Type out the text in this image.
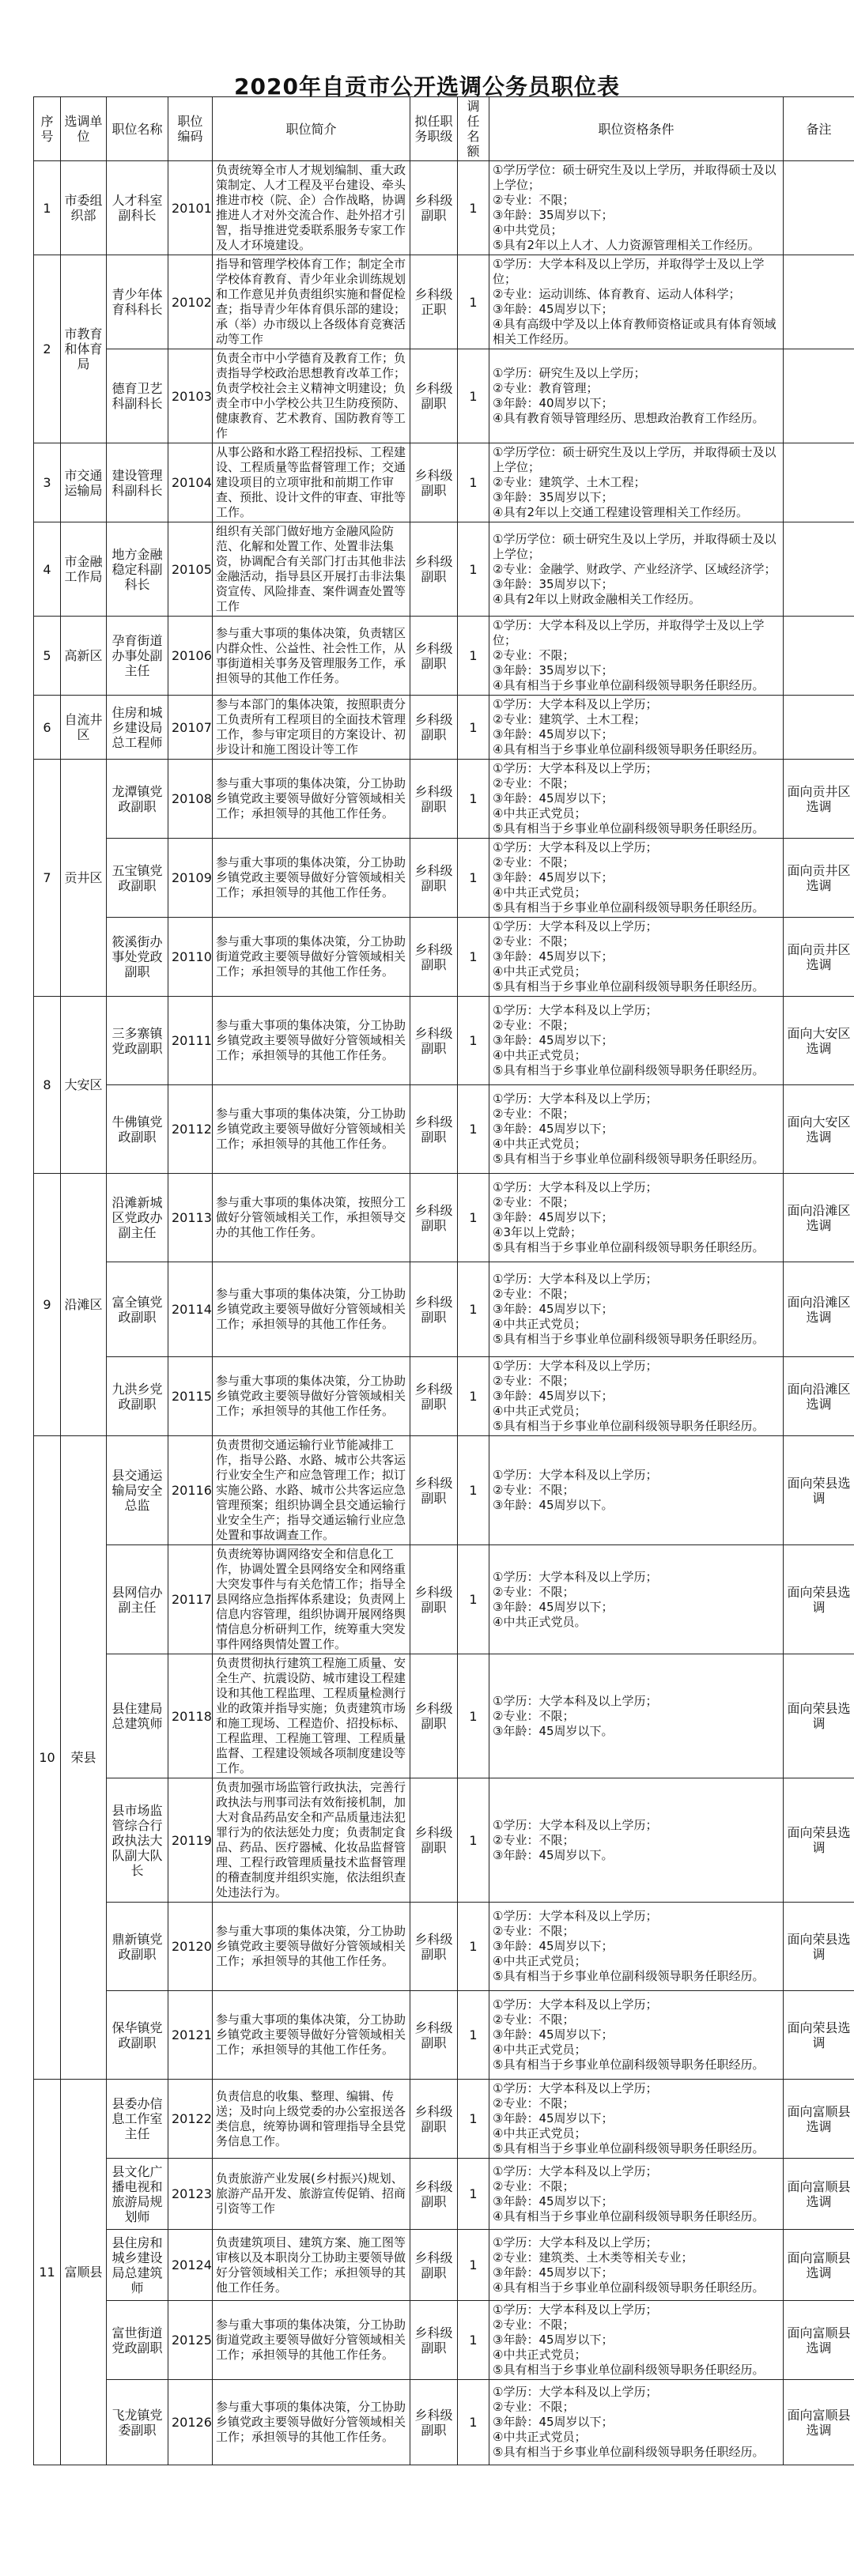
2020年自贡市公开选调公务员职位表
序号	选调单位	职位名称	职位编码	职位简介	拟任职务职级	调任名额	职位资格条件	备注
1	市委组织部	人才科室副科长	20101	负责统筹全市人才规划编制、重大政策制定、人才工程及平台建设、牵头推进市校（院、企）合作战略，协调推进人才对外交流合作、赴外招才引智，指导推进党委联系服务专家工作及人才环境建设。	乡科级副职	1	①学历学位：硕士研究生及以上学历，并取得硕士及以上学位；
②专业：不限；
③年龄：35周岁以下；
④中共党员；
⑤具有2年以上人才、人力资源管理相关工作经历。	

2	市教育和体育局	青少年体育科科长	20102	指导和管理学校体育工作；制定全市学校体育教育、青少年业余训练规划和工作意见并负责组织实施和督促检查；指导青少年体育俱乐部的建设；承（举）办市级以上各级体育竞赛活动等工作	乡科级正职	1	①学历：大学本科及以上学历，并取得学士及以上学位；
②专业：运动训练、体育教育、运动人体科学；
③年龄：45周岁以下；
④具有高级中学及以上体育教师资格证或具有体育领域相关工作经历。	

		德育卫艺科副科长	20103	负责全市中小学德育及教育工作；负责指导学校政治思想教育改革工作；负责学校社会主义精神文明建设；负责全市中小学校公共卫生防疫预防、健康教育、艺术教育、国防教育等工作	乡科级副职	1	①学历：研究生及以上学历；
②专业：教育管理；
③年龄：40周岁以下；
④具有教育领导管理经历、思想政治教育工作经历。	

3	市交通运输局	建设管理科副科长	20104	从事公路和水路工程招投标、工程建设、工程质量等监督管理工作；交通建设项目的立项审批和前期工作审查、预批、设计文件的审查、审批等工作。	乡科级副职	1	①学历学位：硕士研究生及以上学历，并取得硕士及以上学位；
②专业：建筑学、土木工程；
③年龄：35周岁以下；
④具有2年以上交通工程建设管理相关工作经历。	

4	市金融工作局	地方金融稳定科副科长	20105	组织有关部门做好地方金融风险防范、化解和处置工作、处置非法集资，协调配合有关部门打击其他非法金融活动，指导县区开展打击非法集资宣传、风险排查、案件调查处置等工作	乡科级副职	1	①学历学位：硕士研究生及以上学历，并取得硕士及以上学位；
②专业：金融学、财政学、产业经济学、区域经济学；
③年龄：35周岁以下；
④具有2年以上财政金融相关工作经历。	

5	高新区	孕育街道办事处副主任	20106	参与重大事项的集体决策，负责辖区内群众性、公益性、社会性工作，从事街道相关事务及管理服务工作，承担领导的其他工作任务。	乡科级副职	1	①学历：大学本科及以上学历，并取得学士及以上学位；
②专业：不限；
③年龄：35周岁以下；
④具有相当于乡事业单位副科级领导职务任职经历。	

6	自流井区	住房和城乡建设局总工程师	20107	参与本部门的集体决策，按照职责分工负责所有工程项目的全面技术管理工作，参与审定项目的方案设计、初步设计和施工图设计等工作	乡科级副职	1	①学历：大学本科及以上学历；
②专业：建筑学、土木工程；
③年龄：45周岁以下；
④具有相当于乡事业单位副科级领导职务任职经历。	

7	贡井区	龙潭镇党政副职	20108	参与重大事项的集体决策，分工协助乡镇党政主要领导做好分管领域相关工作；承担领导的其他工作任务。	乡科级副职	1	①学历：大学本科及以上学历；
②专业：不限；
③年龄：45周岁以下；
④中共正式党员；
⑤具有相当于乡事业单位副科级领导职务任职经历。	面向贡井区选调
		五宝镇党政副职	20109	参与重大事项的集体决策，分工协助乡镇党政主要领导做好分管领域相关工作；承担领导的其他工作任务。	乡科级副职	1	①学历：大学本科及以上学历；
②专业：不限；
③年龄：45周岁以下；
④中共正式党员；
⑤具有相当于乡事业单位副科级领导职务任职经历。	面向贡井区选调
		筱溪街办事处党政副职	20110	参与重大事项的集体决策，分工协助街道党政主要领导做好分管领域相关工作；承担领导的其他工作任务。	乡科级副职	1	①学历：大学本科及以上学历；
②专业：不限；
③年龄：45周岁以下；
④中共正式党员；
⑤具有相当于乡事业单位副科级领导职务任职经历。	面向贡井区选调
8	大安区	三多寨镇党政副职	20111	参与重大事项的集体决策，分工协助乡镇党政主要领导做好分管领域相关工作；承担领导的其他工作任务。	乡科级副职	1	①学历：大学本科及以上学历；
②专业：不限；
③年龄：45周岁以下；
④中共正式党员；
⑤具有相当于乡事业单位副科级领导职务任职经历。	面向大安区选调
		牛佛镇党政副职	20112	参与重大事项的集体决策，分工协助乡镇党政主要领导做好分管领域相关工作；承担领导的其他工作任务。	乡科级副职	1	①学历：大学本科及以上学历；
②专业：不限；
③年龄：45周岁以下；
④中共正式党员；
⑤具有相当于乡事业单位副科级领导职务任职经历。	面向大安区选调
9	沿滩区	沿滩新城区党政办副主任	20113	参与重大事项的集体决策，按照分工做好分管领域相关工作，承担领导交办的其他工作任务。	乡科级副职	1	①学历：大学本科及以上学历；
②专业：不限；
③年龄：45周岁以下；
④3年以上党龄；
⑤具有相当于乡事业单位副科级领导职务任职经历。	面向沿滩区选调
		富全镇党政副职	20114	参与重大事项的集体决策，分工协助乡镇党政主要领导做好分管领域相关工作；承担领导的其他工作任务。	乡科级副职	1	①学历：大学本科及以上学历；
②专业：不限；
③年龄：45周岁以下；
④中共正式党员；
⑤具有相当于乡事业单位副科级领导职务任职经历。	面向沿滩区选调
		九洪乡党政副职	20115	参与重大事项的集体决策，分工协助乡镇党政主要领导做好分管领域相关工作；承担领导的其他工作任务。	乡科级副职	1	①学历：大学本科及以上学历；
②专业：不限；
③年龄：45周岁以下；
④中共正式党员；
⑤具有相当于乡事业单位副科级领导职务任职经历。	面向沿滩区选调
10	荣县	县交通运输局安全总监	20116	负责贯彻交通运输行业节能减排工作，指导公路、水路、城市公共客运行业安全生产和应急管理工作；拟订实施公路、水路、城市公共客运应急管理预案；组织协调全县交通运输行业安全生产；指导交通运输行业应急处置和事故调查工作。	乡科级副职	1	①学历：大学本科及以上学历；
②专业：不限；
③年龄：45周岁以下。	面向荣县选调
		县网信办副主任	20117	负责统筹协调网络安全和信息化工作，协调处置全县网络安全和网络重大突发事件与有关危情工作；指导全县网络应急指挥体系建设；负责网上信息内容管理，组织协调开展网络舆情信息分析研判工作，统筹重大突发事件网络舆情处置工作。	乡科级副职	1	①学历：大学本科及以上学历；
②专业：不限；
③年龄：45周岁以下；
④中共正式党员。	面向荣县选调
		县住建局总建筑师	20118	负责贯彻执行建筑工程施工质量、安全生产、抗震设防、城市建设工程建设和其他工程监理、工程质量检测行业的政策并指导实施；负责建筑市场和施工现场、工程造价、招投标标、工程监理、工程施工管理、工程质量监督、工程建设领域各项制度建设等工作。	乡科级副职	1	①学历：大学本科及以上学历；
②专业：不限；
③年龄：45周岁以下。	面向荣县选调
		县市场监管综合行政执法大队副大队长	20119	负责加强市场监管行政执法，完善行政执法与刑事司法有效衔接机制，加大对食品药品安全和产品质量违法犯罪行为的依法惩处力度；负责制定食品、药品、医疗器械、化妆品监督管理、工程行政管理质量技术监督管理的稽查制度并组织实施，依法组织查处违法行为。	乡科级副职	1	①学历：大学本科及以上学历；
②专业：不限；
③年龄：45周岁以下。	面向荣县选调
		鼎新镇党政副职	20120	参与重大事项的集体决策，分工协助乡镇党政主要领导做好分管领域相关工作；承担领导的其他工作任务。	乡科级副职	1	①学历：大学本科及以上学历；
②专业：不限；
③年龄：45周岁以下；
④中共正式党员；
⑤具有相当于乡事业单位副科级领导职务任职经历。	面向荣县选调
		保华镇党政副职	20121	参与重大事项的集体决策，分工协助乡镇党政主要领导做好分管领域相关工作；承担领导的其他工作任务。	乡科级副职	1	①学历：大学本科及以上学历；
②专业：不限；
③年龄：45周岁以下；
④中共正式党员；
⑤具有相当于乡事业单位副科级领导职务任职经历。	面向荣县选调
11	富顺县	县委办信息工作室主任	20122	负责信息的收集、整理、编辑、传送；及时向上级党委的办公室报送各类信息，统筹协调和管理指导全县党务信息工作。	乡科级副职	1	①学历：大学本科及以上学历；
②专业：不限；
③年龄：45周岁以下；
④中共正式党员；
⑤具有相当于乡事业单位副科级领导职务任职经历。	面向富顺县选调
		县文化广播电视和旅游局规划师	20123	负责旅游产业发展(乡村振兴)规划、旅游产品开发、旅游宣传促销、招商引资等工作	乡科级副职	1	①学历：大学本科及以上学历；
②专业：不限；
③年龄：45周岁以下；
④具有相当于乡事业单位副科级领导职务任职经历。	面向富顺县选调
		县住房和城乡建设局总建筑师	20124	负责建筑项目、建筑方案、施工图等审核以及本职岗分工协助主要领导做好分管领域相关工作；承担领导的其他工作任务。	乡科级副职	1	①学历：大学本科及以上学历；
②专业：建筑类、土木类等相关专业；
③年龄：45周岁以下；
④具有相当于乡事业单位副科级领导职务任职经历。	面向富顺县选调
		富世街道党政副职	20125	参与重大事项的集体决策，分工协助街道党政主要领导做好分管领域相关工作；承担领导的其他工作任务。	乡科级副职	1	①学历：大学本科及以上学历；
②专业：不限；
③年龄：45周岁以下；
④中共正式党员；
⑤具有相当于乡事业单位副科级领导职务任职经历。	面向富顺县选调
		飞龙镇党委副职	20126	参与重大事项的集体决策，分工协助乡镇党政主要领导做好分管领域相关工作；承担领导的其他工作任务。	乡科级副职	1	①学历：大学本科及以上学历；
②专业：不限；
③年龄：45周岁以下；
④中共正式党员；
⑤具有相当于乡事业单位副科级领导职务任职经历。	面向富顺县选调
